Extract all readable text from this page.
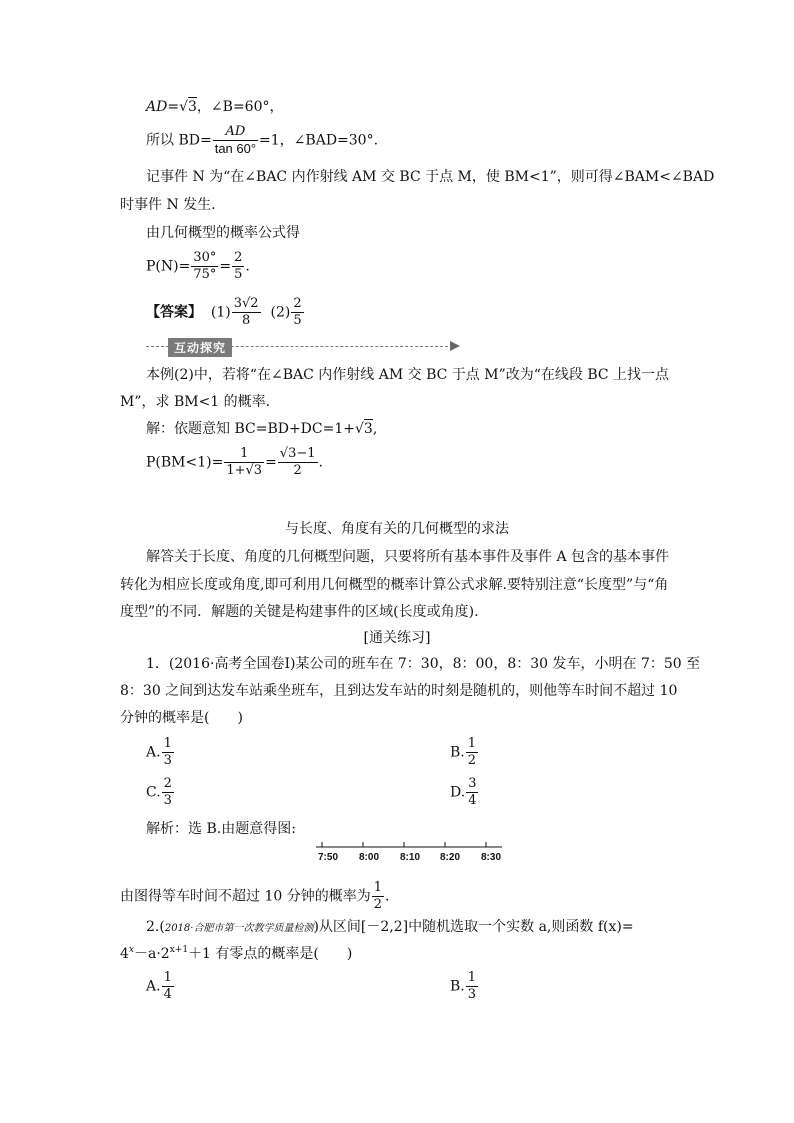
AD=√3，∠B=60°，
所以 $BD= \frac{AD}{\tan 60^\circ} =1$，∠BAD=30°.
记事件 N 为“在∠BAC 内作射线 AM 交 BC 于点 M，使 BM<1”，则可得∠BAM<∠BAD
时事件 N 发生.
由几何概型的概率公式得
$P(N)= \frac{30^\circ}{75^\circ} = \frac{2}{5}$ .
【答案】 $(1) \frac{3√2}{8} (2) \frac{2}{5}$
互动探究
本例(2)中，若将“在∠BAC 内作射线 AM 交 BC 于点 M”改为“在线段 BC 上找一点
M”，求 BM<1 的概率.
解：依题意知 BC=BD+DC=1+√3,
$P(BM<1)= \frac{1}{1+√3} = \frac{√3-1}{2}$ .
与长度、角度有关的几何概型的求法
解答关于长度、角度的几何概型问题，只要将所有基本事件及事件 A 包含的基本事件
转化为相应长度或角度,即可利用几何概型的概率计算公式求解.要特别注意“长度型”与“角
度型”的不同．解题的关键是构建事件的区域(长度或角度).
[通关练习]
1．(2016·高考全国卷Ⅰ)某公司的班车在 7：30，8：00，8：30 发车，小明在 7：50 至
8：30 之间到达发车站乘坐班车，且到达发车站的时刻是随机的，则他等车时间不超过 10
分钟的概率是(　　)
A. $\frac{1}{3}$	B. $\frac{1}{2}$
C. $\frac{2}{3}$	D. $\frac{3}{4}$
解析：选 B.由题意得图:
7:50 8:00 8:10 8:20 8:30
由图得等车时间不超过 10 分钟的概率为 $\frac{1}{2}$ .
2.(2018·合肥市第一次教学质量检测)从区间[－2,2]中随机选取一个实数 a,则函数 f(x)=
$4^x-a\cdot 2^{x+1}+1$ 有零点的概率是(　　)
A. $\frac{1}{4}$	B. $\frac{1}{3}$
